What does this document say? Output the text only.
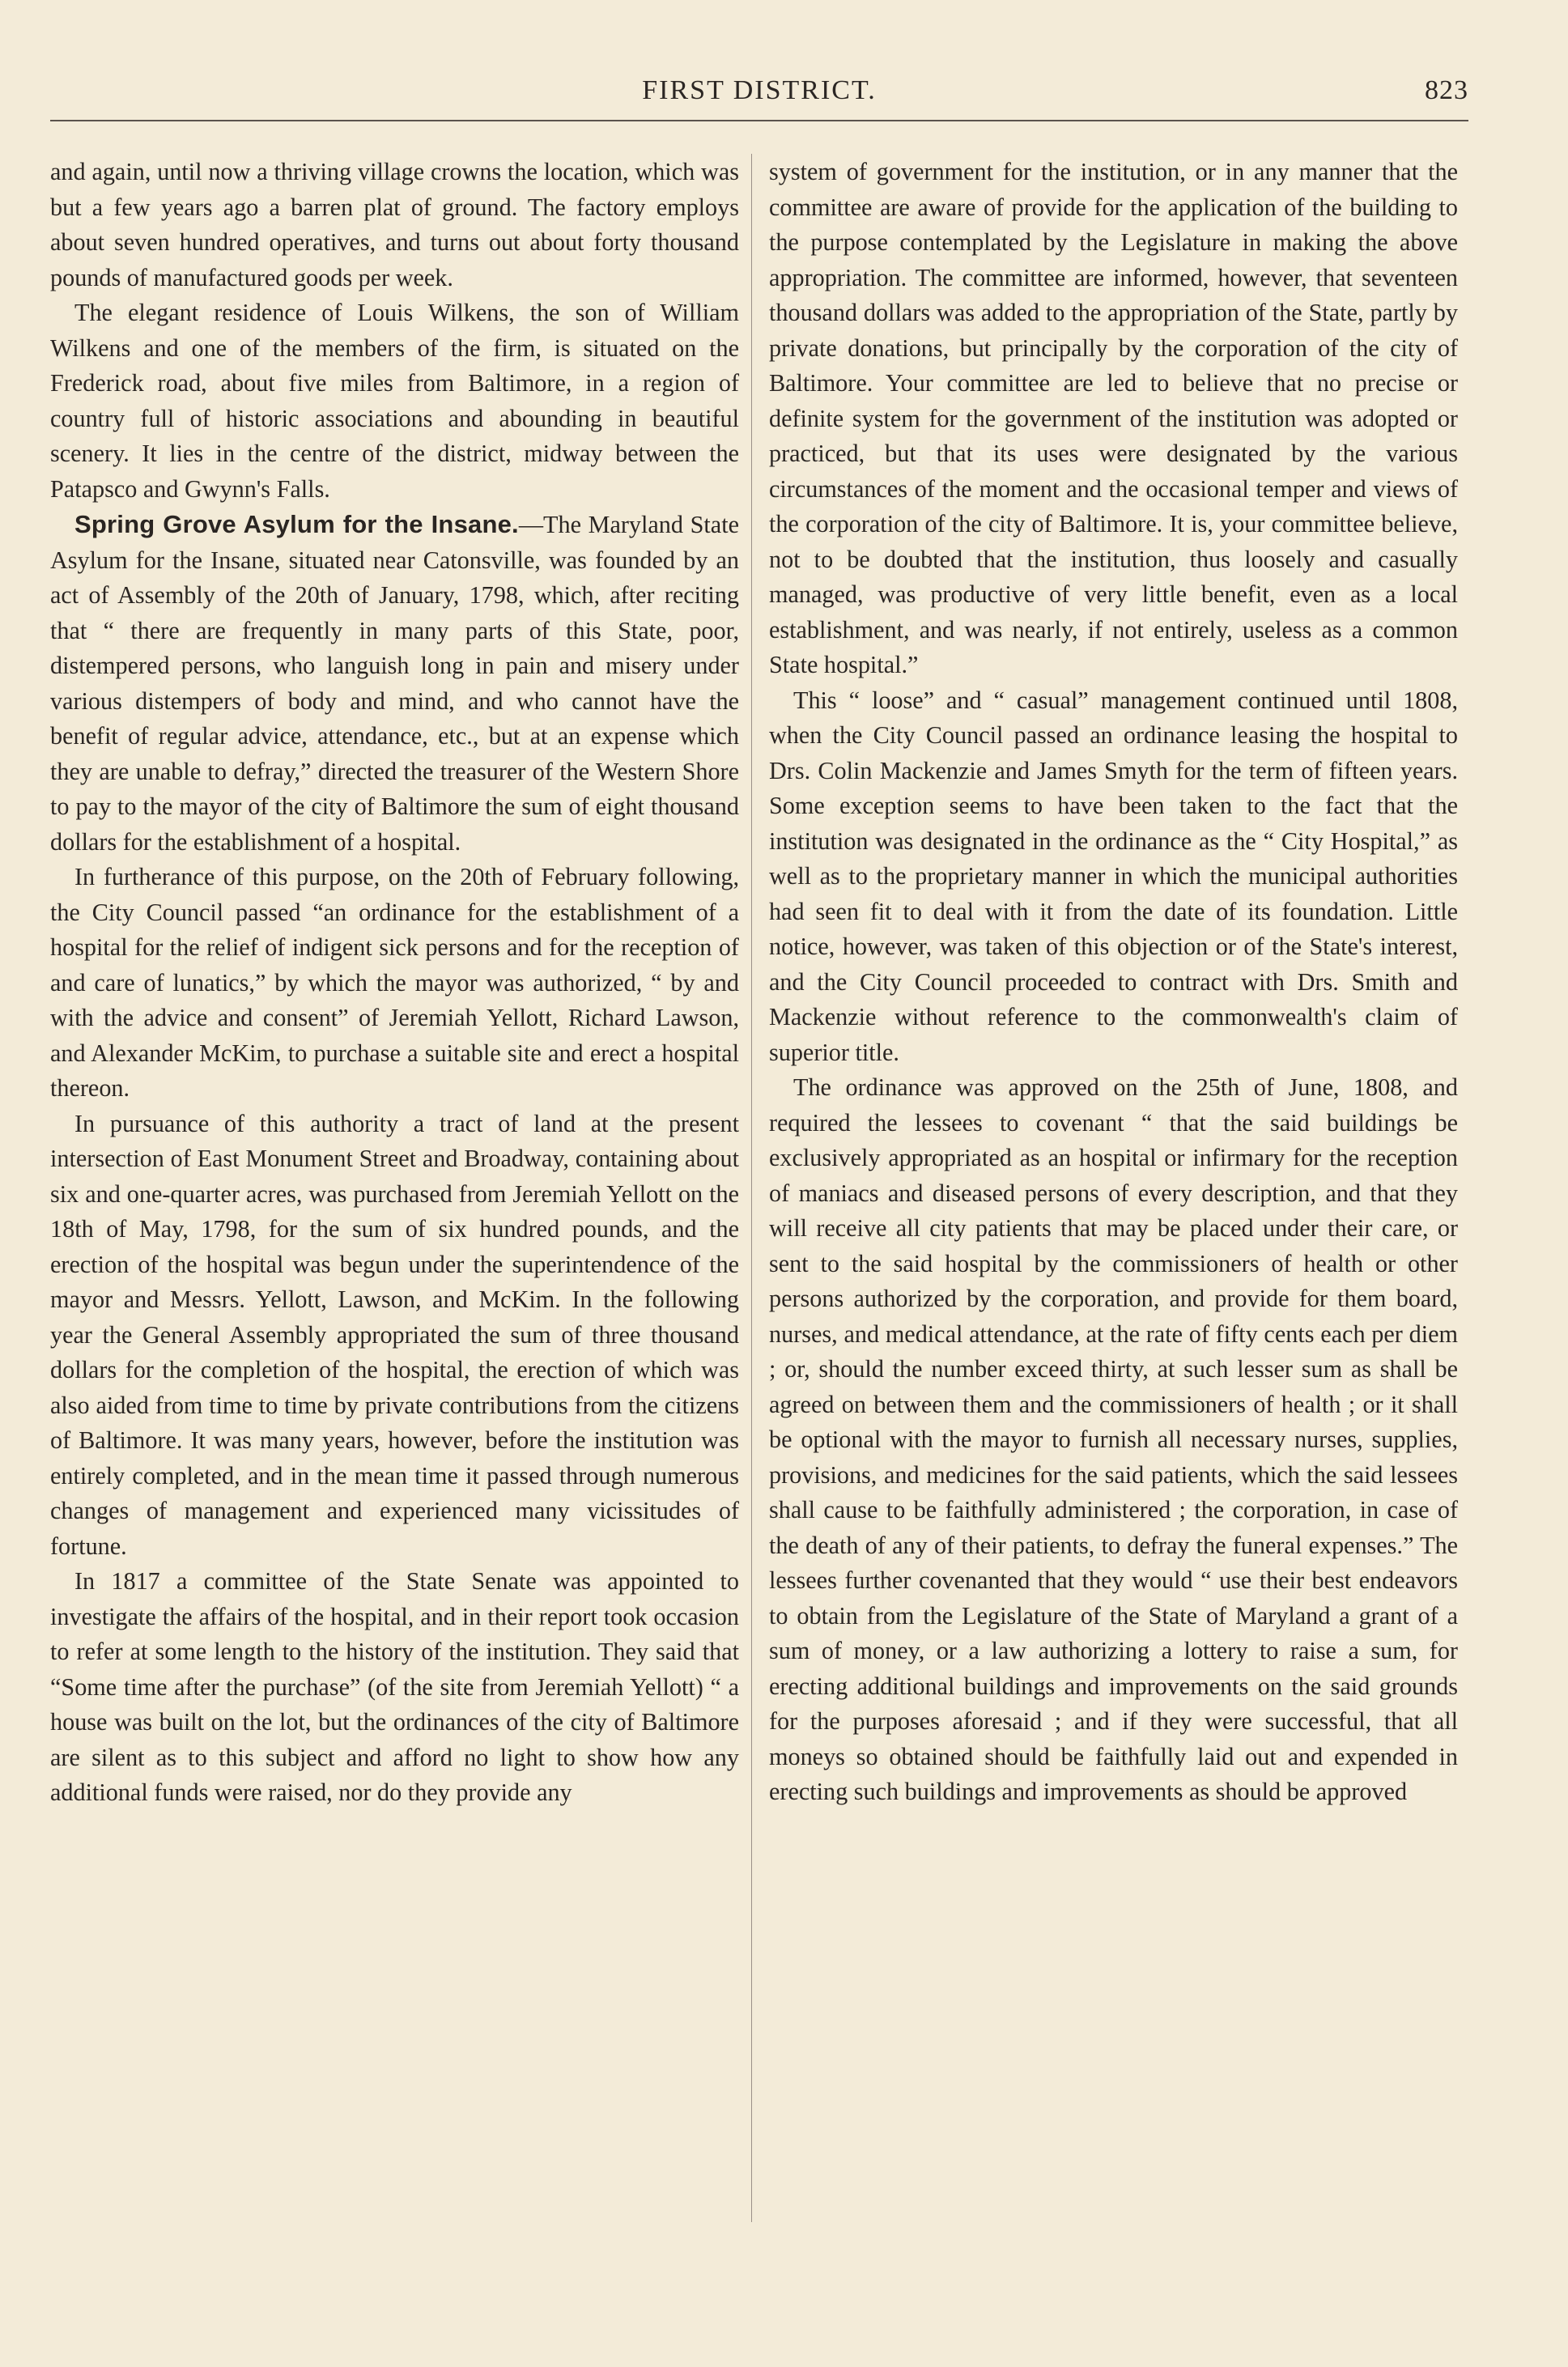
FIRST DISTRICT.	823

and again, until now a thriving village crowns the location, which was but a few years ago a barren plat of ground. The factory employs about seven hundred operatives, and turns out about forty thousand pounds of manufactured goods per week.

The elegant residence of Louis Wilkens, the son of William Wilkens and one of the members of the firm, is situated on the Frederick road, about five miles from Baltimore, in a region of country full of historic associations and abounding in beautiful scenery. It lies in the centre of the district, midway between the Patapsco and Gwynn's Falls.

Spring Grove Asylum for the Insane.—The Maryland State Asylum for the Insane, situated near Catonsville, was founded by an act of Assembly of the 20th of January, 1798, which, after reciting that “ there are frequently in many parts of this State, poor, distempered persons, who languish long in pain and misery under various distempers of body and mind, and who cannot have the benefit of regular advice, attendance, etc., but at an expense which they are unable to defray,” directed the treasurer of the Western Shore to pay to the mayor of the city of Baltimore the sum of eight thousand dollars for the establishment of a hospital.

In furtherance of this purpose, on the 20th of February following, the City Council passed “an ordinance for the establishment of a hospital for the relief of indigent sick persons and for the reception of and care of lunatics,” by which the mayor was authorized, “ by and with the advice and consent” of Jeremiah Yellott, Richard Lawson, and Alexander McKim, to purchase a suitable site and erect a hospital thereon.

In pursuance of this authority a tract of land at the present intersection of East Monument Street and Broadway, containing about six and one-quarter acres, was purchased from Jeremiah Yellott on the 18th of May, 1798, for the sum of six hundred pounds, and the erection of the hospital was begun under the superintendence of the mayor and Messrs. Yellott, Lawson, and McKim. In the following year the General Assembly appropriated the sum of three thousand dollars for the completion of the hospital, the erection of which was also aided from time to time by private contributions from the citizens of Baltimore. It was many years, however, before the institution was entirely completed, and in the mean time it passed through numerous changes of management and experienced many vicissitudes of fortune.

In 1817 a committee of the State Senate was appointed to investigate the affairs of the hospital, and in their report took occasion to refer at some length to the history of the institution. They said that “Some time after the purchase” (of the site from Jeremiah Yellott) “ a house was built on the lot, but the ordinances of the city of Baltimore are silent as to this subject and afford no light to show how any additional funds were raised, nor do they provide any

system of government for the institution, or in any manner that the committee are aware of provide for the application of the building to the purpose contemplated by the Legislature in making the above appropriation. The committee are informed, however, that seventeen thousand dollars was added to the appropriation of the State, partly by private donations, but principally by the corporation of the city of Baltimore. Your committee are led to believe that no precise or definite system for the government of the institution was adopted or practiced, but that its uses were designated by the various circumstances of the moment and the occasional temper and views of the corporation of the city of Baltimore. It is, your committee believe, not to be doubted that the institution, thus loosely and casually managed, was productive of very little benefit, even as a local establishment, and was nearly, if not entirely, useless as a common State hospital.”

This “ loose” and “ casual” management continued until 1808, when the City Council passed an ordinance leasing the hospital to Drs. Colin Mackenzie and James Smyth for the term of fifteen years. Some exception seems to have been taken to the fact that the institution was designated in the ordinance as the “ City Hospital,” as well as to the proprietary manner in which the municipal authorities had seen fit to deal with it from the date of its foundation. Little notice, however, was taken of this objection or of the State's interest, and the City Council proceeded to contract with Drs. Smith and Mackenzie without reference to the commonwealth's claim of superior title.

The ordinance was approved on the 25th of June, 1808, and required the lessees to covenant “ that the said buildings be exclusively appropriated as an hospital or infirmary for the reception of maniacs and diseased persons of every description, and that they will receive all city patients that may be placed under their care, or sent to the said hospital by the commissioners of health or other persons authorized by the corporation, and provide for them board, nurses, and medical attendance, at the rate of fifty cents each per diem ; or, should the number exceed thirty, at such lesser sum as shall be agreed on between them and the commissioners of health ; or it shall be optional with the mayor to furnish all necessary nurses, supplies, provisions, and medicines for the said patients, which the said lessees shall cause to be faithfully administered ; the corporation, in case of the death of any of their patients, to defray the funeral expenses.” The lessees further covenanted that they would “ use their best endeavors to obtain from the Legislature of the State of Maryland a grant of a sum of money, or a law authorizing a lottery to raise a sum, for erecting additional buildings and improvements on the said grounds for the purposes aforesaid ; and if they were successful, that all moneys so obtained should be faithfully laid out and expended in erecting such buildings and improvements as should be approved
